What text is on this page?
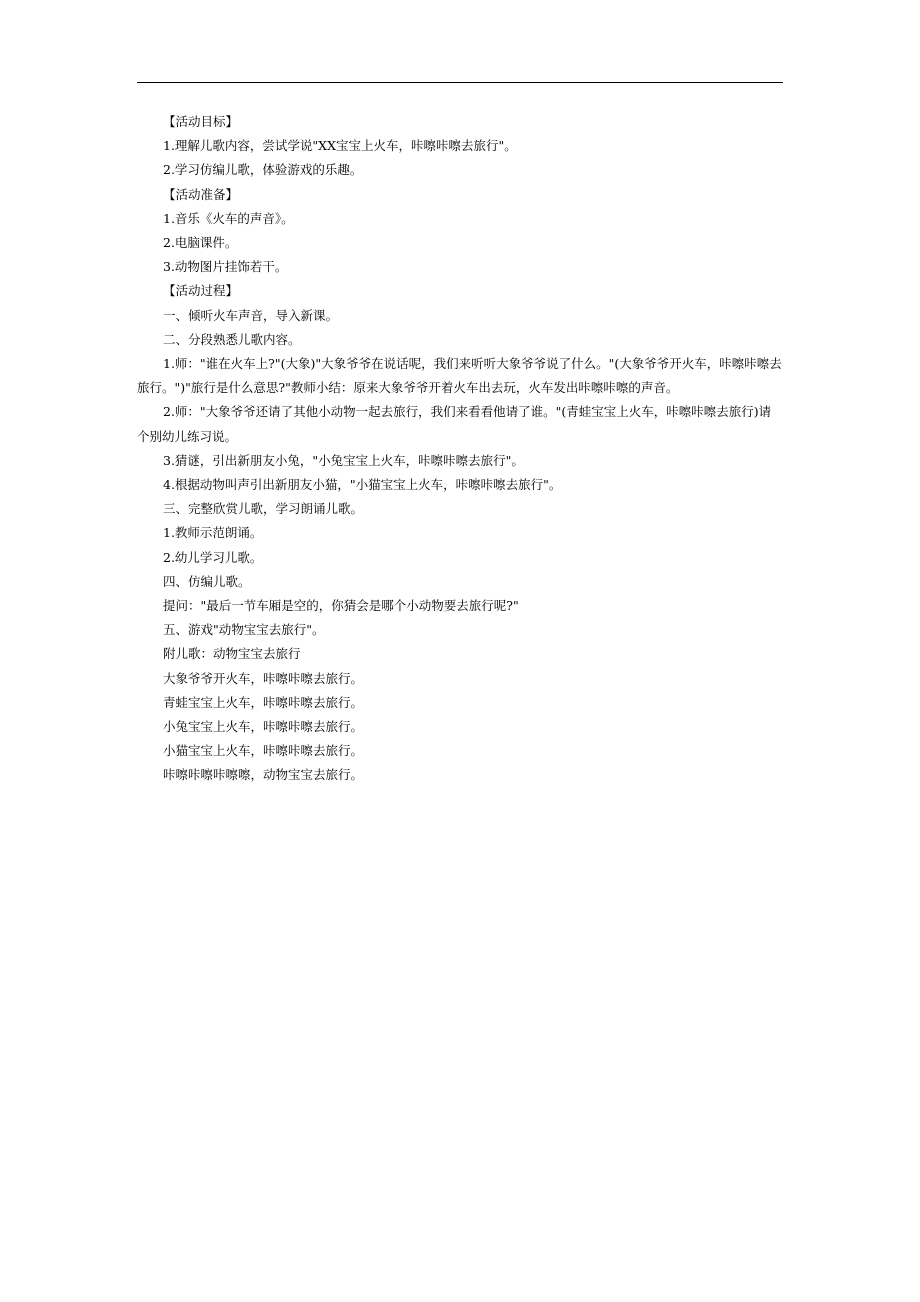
【活动目标】

1.理解儿歌内容，尝试学说"XX宝宝上火车，咔嚓咔嚓去旅行"。

2.学习仿编儿歌，体验游戏的乐趣。

【活动准备】

1.音乐《火车的声音》。

2.电脑课件。

3.动物图片挂饰若干。

【活动过程】

一、倾听火车声音，导入新课。

二、分段熟悉儿歌内容。

1.师："谁在火车上?"(大象)"大象爷爷在说话呢，我们来听听大象爷爷说了什么。"(大象爷爷开火车，咔嚓咔嚓去旅行。")"旅行是什么意思?"教师小结：原来大象爷爷开着火车出去玩，火车发出咔嚓咔嚓的声音。

2.师："大象爷爷还请了其他小动物一起去旅行，我们来看看他请了谁。"(青蛙宝宝上火车，咔嚓咔嚓去旅行)请个别幼儿练习说。

3.猜谜，引出新朋友小兔，"小兔宝宝上火车，咔嚓咔嚓去旅行"。

4.根据动物叫声引出新朋友小猫，"小猫宝宝上火车，咔嚓咔嚓去旅行"。

三、完整欣赏儿歌，学习朗诵儿歌。

1.教师示范朗诵。

2.幼儿学习儿歌。

四、仿编儿歌。

提问："最后一节车厢是空的，你猜会是哪个小动物要去旅行呢?"

五、游戏"动物宝宝去旅行"。

附儿歌：动物宝宝去旅行

大象爷爷开火车，咔嚓咔嚓去旅行。

青蛙宝宝上火车，咔嚓咔嚓去旅行。

小兔宝宝上火车，咔嚓咔嚓去旅行。

小猫宝宝上火车，咔嚓咔嚓去旅行。

咔嚓咔嚓咔嚓嚓，动物宝宝去旅行。
